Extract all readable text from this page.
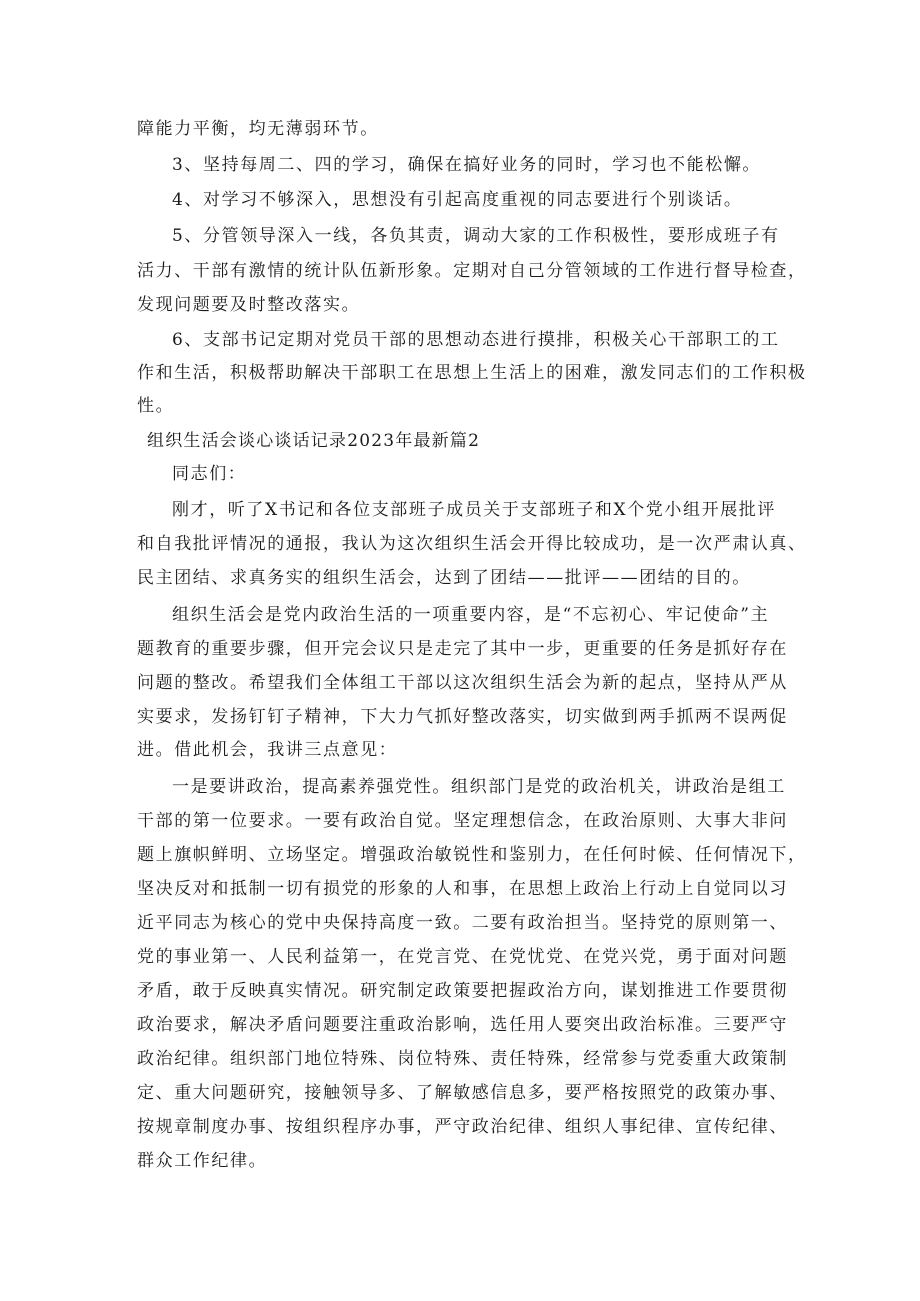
障能力平衡，均无薄弱环节。
3、坚持每周二、四的学习，确保在搞好业务的同时，学习也不能松懈。
4、对学习不够深入，思想没有引起高度重视的同志要进行个别谈话。
5、分管领导深入一线，各负其责，调动大家的工作积极性，要形成班子有
活力、干部有激情的统计队伍新形象。定期对自己分管领域的工作进行督导检查，
发现问题要及时整改落实。
6、支部书记定期对党员干部的思想动态进行摸排，积极关心干部职工的工
作和生活，积极帮助解决干部职工在思想上生活上的困难，激发同志们的工作积极
性。
组织生活会谈心谈话记录2023年最新篇2
同志们：
刚才，听了X书记和各位支部班子成员关于支部班子和X个党小组开展批评
和自我批评情况的通报，我认为这次组织生活会开得比较成功，是一次严肃认真、
民主团结、求真务实的组织生活会，达到了团结——批评——团结的目的。
组织生活会是党内政治生活的一项重要内容，是“不忘初心、牢记使命”主
题教育的重要步骤，但开完会议只是走完了其中一步，更重要的任务是抓好存在
问题的整改。希望我们全体组工干部以这次组织生活会为新的起点，坚持从严从
实要求，发扬钉钉子精神，下大力气抓好整改落实，切实做到两手抓两不误两促
进。借此机会，我讲三点意见：
一是要讲政治，提高素养强党性。组织部门是党的政治机关，讲政治是组工
干部的第一位要求。一要有政治自觉。坚定理想信念，在政治原则、大事大非问
题上旗帜鲜明、立场坚定。增强政治敏锐性和鉴别力，在任何时候、任何情况下，
坚决反对和抵制一切有损党的形象的人和事，在思想上政治上行动上自觉同以习
近平同志为核心的党中央保持高度一致。二要有政治担当。坚持党的原则第一、
党的事业第一、人民利益第一，在党言党、在党忧党、在党兴党，勇于面对问题
矛盾，敢于反映真实情况。研究制定政策要把握政治方向，谋划推进工作要贯彻
政治要求，解决矛盾问题要注重政治影响，选任用人要突出政治标准。三要严守
政治纪律。组织部门地位特殊、岗位特殊、责任特殊，经常参与党委重大政策制
定、重大问题研究，接触领导多、了解敏感信息多，要严格按照党的政策办事、
按规章制度办事、按组织程序办事，严守政治纪律、组织人事纪律、宣传纪律、
群众工作纪律。
